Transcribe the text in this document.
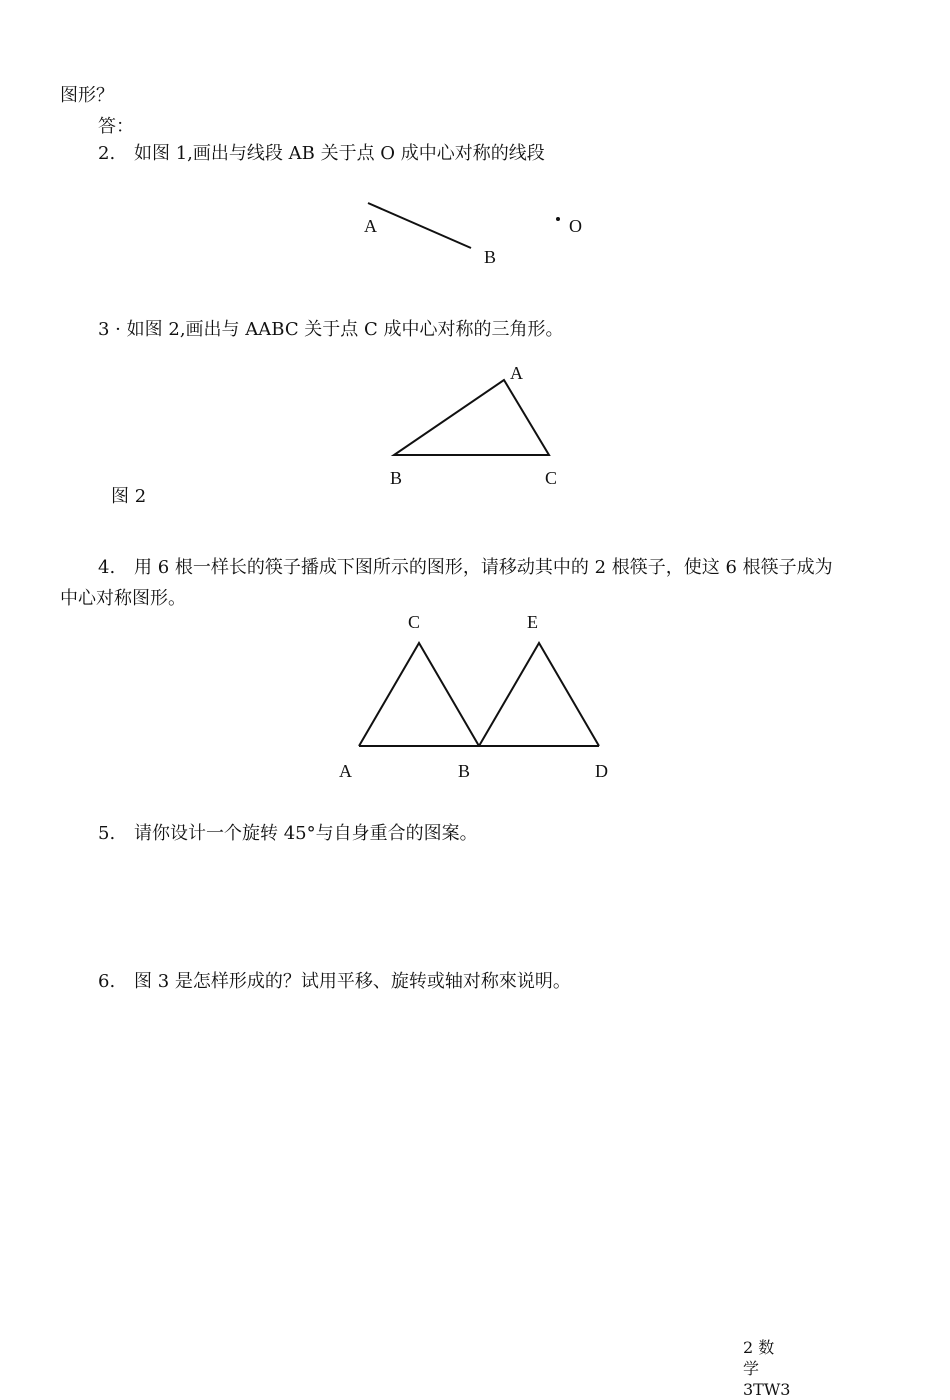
图形？
答：
2. 如图 1,画出与线段 AB 关于点 O 成中心对称的线段
A
B
O
3 · 如图 2,画出与 AABC 关于点 C 成中心对称的三角形。
A
B	C
图 2
4. 用 6 根一样长的筷子播成下图所示的图形，请移动其中的 2 根筷子，使这 6 根筷子成为
中心对称图形。
C	E
A	B	D
5. 请你设计一个旋转 45°与自身重合的图案。
6. 图 3 是怎样形成的？试用平移、旋转或轴对称來说明。
2 数
学
3TW3
